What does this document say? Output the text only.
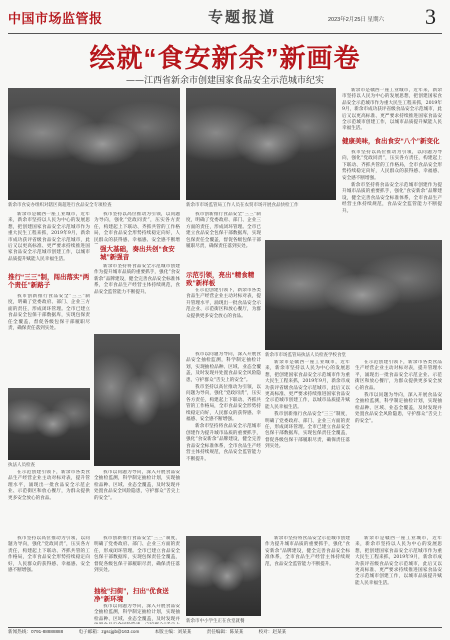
中国市场监管报	专题报道	2023年2月25日 星期六 3
绘就“食安新余”新画卷
——江西省新余市创建国家食品安全示范城市纪实
新余市食安办组织对辖区商超进行食品安全专项检查	新余市市场监管局工作人员在农贸市场开展食品快检工作

新余市是赣西一座工业城市，近年来，新余市坚持以人民为中心的发展思想，把创建国家食品安全示范城市作为重大民生工程来抓，2019年9月，新余市成功获评省级食品安全示范城市，此后又以更高标准、更严要求持续推进国家食品安全示范城市创建工作，以城市品质提升赋能人民幸福生活。

健康美味，食出食安“八个”新变化

我市坚持以高位推动为引领，以问题为导向，强化“党政同责”，压实各方责任，构建起上下联动、齐抓共管的工作格局，全市食品安全形势持续稳定向好，人民群众的获得感、幸福感、安全感不断增强。

新余市坚持将食品安全示范城市创建作为提升城市品质的重要抓手，强化“食安新余”品牌建设，健全完善食品安全标准体系，全市食品生产经营主体持续规范，食品安全监管能力不断提升。

新余市是赣西一座工业城市，近年来，新余市坚持以人民为中心的发展思想，把创建国家食品安全示范城市作为重大民生工程来抓，2019年9月，新余市成功获评省级食品安全示范城市，此后又以更高标准、更严要求持续推进国家食品安全示范城市创建工作，以城市品质提升赋能人民幸福生活。

推行“三三”制，闯出落实“两个责任”新路子

我市创新推行食品安全“三三”制度，明确了党委政府、部门、企业三方面的责任，形成闭环管理。全市已建立食品安全包保干部数据库，实现包保责任全覆盖，督促各级包保干部履职尽责，确保责任落到实处。

我市坚持以高位推动为引领，以问题为导向，强化“党政同责”，压实各方责任，构建起上下联动、齐抓共管的工作格局，全市食品安全形势持续稳定向好，人民群众的获得感、幸福感、安全感不断增

强大基础，奏出共创“食安城”新强音

新余市坚持将食品安全示范城市创建作为提升城市品质的重要抓手，强化“食安新余”品牌建设，健全完善食品安全标准体系，全市食品生产经营主体持续规范，食品安全监管能力不断提升。

我市创新推行食品安全“三三”制度，明确了党委政府、部门、企业三方面的责任，形成闭环管理。全市已建立食品安全包保干部数据库，实现包保责任全覆盖，督促各级包保干部履职尽责，确保责任落到实处。

示范引领，亮出“精食精致”新样板

在示范创建引领下，新余市各类食品生产经营企业主动对标对表，提升管理水平，涌现出一批食品安全示范企业、示范街区和放心餐厅，为群众提供更多安全放心的食品。

新余市市场监管局执法人员检查学校食堂
执法人员检查

在示范创建引领下，新余市各类食品生产经营企业主动对标对表，提升管理水平，涌现出一批食品安全示范企业、示范街区和放心餐厅，为群众提供更多安全放心的食品。

我市以问题为导向，深入开展食品安全抽检监测，科学制定抽检计划，实现抽检品种、区域、业态全覆盖，及时发现并处置食品安全风险隐患，守护群众“舌尖上的安全”。

我市以问题为导向，深入开展食品安全抽检监测，科学制定抽检计划，实现抽检品种、区域、业态全覆盖，及时发现并处置食品安全风险隐患，守护群众“舌尖上的安全”。

我市坚持以高位推动为引领，以问题为导向，强化“党政同责”，压实各方责任，构建起上下联动、齐抓共管的工作格局，全市食品安全形势持续稳定向好，人民群众的获得感、幸福感、安全感不断增强。

新余市坚持将食品安全示范城市创建作为提升城市品质的重要抓手，强化“食安新余”品牌建设，健全完善食品安全标准体系，全市食品生产经营主体持续规范，食品安全监管能力不断提升。

新余市是赣西一座工业城市，近年来，新余市坚持以人民为中心的发展思想，把创建国家食品安全示范城市作为重大民生工程来抓，2019年9月，新余市成功获评省级食品安全示范城市，此后又以更高标准、更严要求持续推进国家食品安全示范城市创建工作，以城市品质提升赋能人民幸福生活。

我市创新推行食品安全“三三”制度，明确了党委政府、部门、企业三方面的责任，形成闭环管理。全市已建立食品安全包保干部数据库，实现包保责任全覆盖，督促各级包保干部履职尽责，确保责任落到实处。

在示范创建引领下，新余市各类食品生产经营企业主动对标对表，提升管理水平，涌现出一批食品安全示范企业、示范街区和放心餐厅，为群众提供更多安全放心的食品。

我市以问题为导向，深入开展食品安全抽检监测，科学制定抽检计划，实现抽检品种、区域、业态全覆盖，及时发现并处置食品安全风险隐患，守护群众“舌尖上的安全”。

我市坚持以高位推动为引领，以问题为导向，强化“党政同责”，压实各方责任，构建起上下联动、齐抓共管的工作格局，全市食品安全形势持续稳定向好，人民群众的获得感、幸福感、安全感不断增强。

我市创新推行食品安全“三三”制度，明确了党委政府、部门、企业三方面的责任，形成闭环管理。全市已建立食品安全包保干部数据库，实现包保责任全覆盖，督促各级包保干部履职尽责，确保责任落到实处。

抽检“扫街”，扫出“优食送净”新环境

我市以问题为导向，深入开展食品安全抽检监测，科学制定抽检计划，实现抽检品种、区域、业态全覆盖，及时发现并 新余市中小学生正在食堂就餐

新余市坚持将食品安全示范城市创建作为提升城市品质的重要抓手，强化“食安新余”品牌建设，健全完善食品安全标准体系，全市食品生产经营主体持续规范，食品安全监管能力不断提升。

新余市是赣西一座工业城市，近年来，新余市坚持以人民为中心的发展思想，把创建国家食品安全示范城市作为重大民生工程来抓，2019年9月，新余市成功获评省级食品安全示范城市，此后又以更高标准、更严要求持续推进国家食品安全示范城市创建工作，以城市品质提升赋能人民幸福生活。

新闻热线：0791-88888888	电子邮箱：zgscjgb@163.com	本版主编：刘某某	责任编辑：陈某某	校对：赵某某
